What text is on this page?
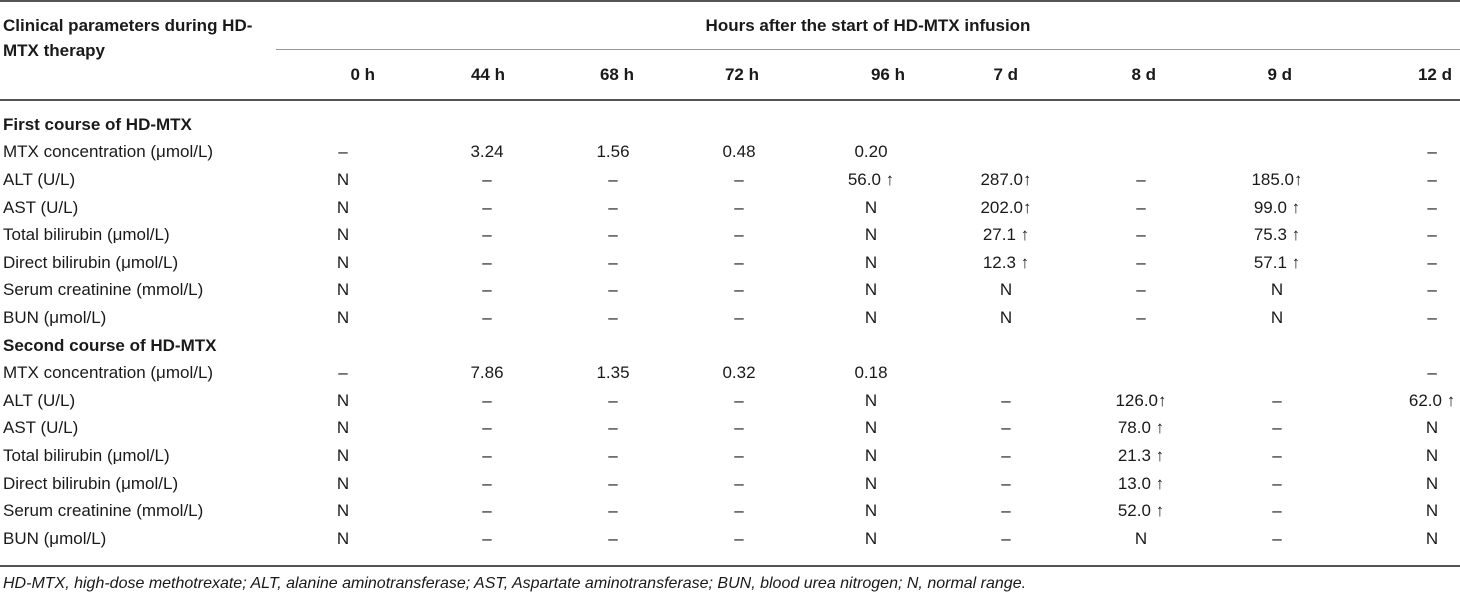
Clinical parameters during HD-MTX therapy
Hours after the start of HD-MTX infusion
0 h	44 h	68 h	72 h	96 h	7 d	8 d	9 d	12 d
First course of HD-MTX
MTX concentration (μmol/L)	–	3.24	1.56	0.48	0.20				–
ALT (U/L)	N	–	–	–	56.0 ↑	287.0↑	–	185.0↑	–
AST (U/L)	N	–	–	–	N	202.0↑	–	99.0 ↑	–
Total bilirubin (μmol/L)	N	–	–	–	N	27.1 ↑	–	75.3 ↑	–
Direct bilirubin (μmol/L)	N	–	–	–	N	12.3 ↑	–	57.1 ↑	–
Serum creatinine (mmol/L)	N	–	–	–	N	N	–	N	–
BUN (μmol/L)	N	–	–	–	N	N	–	N	–
Second course of HD-MTX
MTX concentration (μmol/L)	–	7.86	1.35	0.32	0.18				–
ALT (U/L)	N	–	–	–	N	–	126.0↑	–	62.0 ↑
AST (U/L)	N	–	–	–	N	–	78.0 ↑	–	N
Total bilirubin (μmol/L)	N	–	–	–	N	–	21.3 ↑	–	N
Direct bilirubin (μmol/L)	N	–	–	–	N	–	13.0 ↑	–	N
Serum creatinine (mmol/L)	N	–	–	–	N	–	52.0 ↑	–	N
BUN (μmol/L)	N	–	–	–	N	–	N	–	N
HD-MTX, high-dose methotrexate; ALT, alanine aminotransferase; AST, Aspartate aminotransferase; BUN, blood urea nitrogen; N, normal range.
